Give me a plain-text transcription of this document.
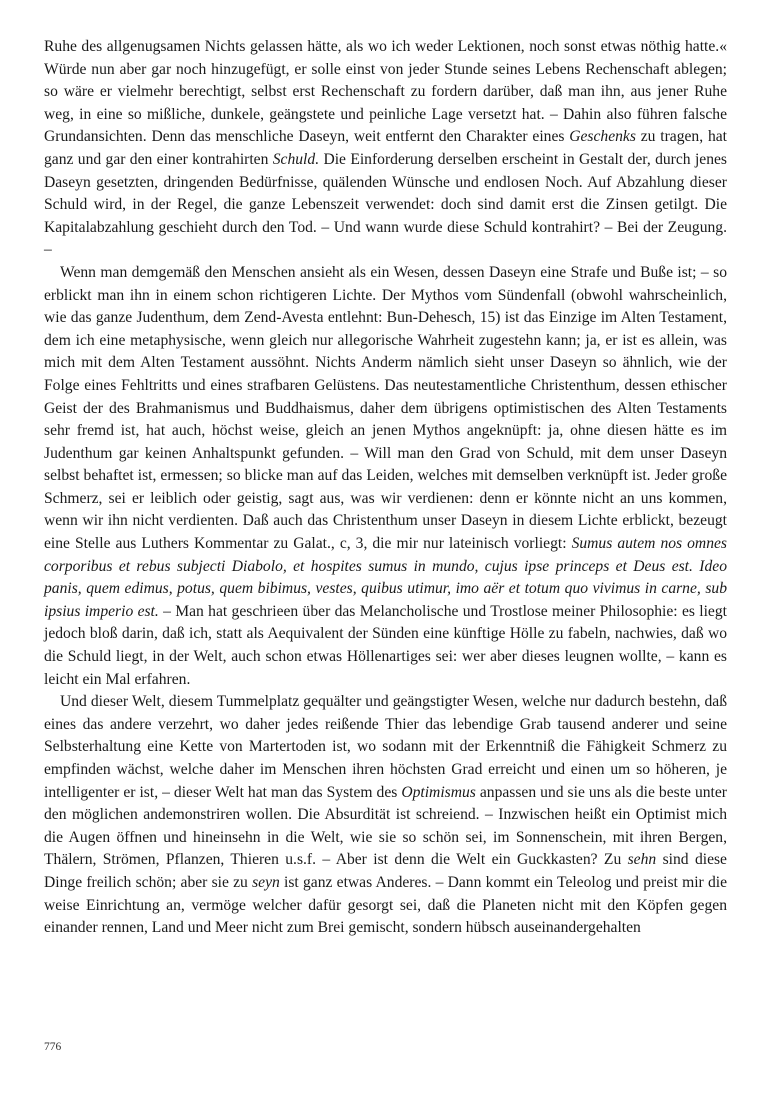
Ruhe des allgenugsamen Nichts gelassen hätte, als wo ich weder Lektionen, noch sonst etwas nöthig hatte.« Würde nun aber gar noch hinzugefügt, er solle einst von jeder Stunde seines Lebens Rechenschaft ablegen; so wäre er vielmehr berechtigt, selbst erst Rechenschaft zu fordern darüber, daß man ihn, aus jener Ruhe weg, in eine so mißliche, dunkele, geängstete und peinliche Lage versetzt hat. – Dahin also führen falsche Grundansichten. Denn das menschliche Daseyn, weit entfernt den Charakter eines Geschenks zu tragen, hat ganz und gar den einer kontrahirten Schuld. Die Einforderung derselben erscheint in Gestalt der, durch jenes Daseyn gesetzten, dringenden Bedürfnisse, quälenden Wünsche und endlosen Noch. Auf Abzahlung dieser Schuld wird, in der Regel, die ganze Lebenszeit verwendet: doch sind damit erst die Zinsen getilgt. Die Kapitalabzahlung geschieht durch den Tod. – Und wann wurde diese Schuld kontrahirt? – Bei der Zeugung. –

Wenn man demgemäß den Menschen ansieht als ein Wesen, dessen Daseyn eine Strafe und Buße ist; – so erblickt man ihn in einem schon richtigeren Lichte. Der Mythos vom Sündenfall (obwohl wahrscheinlich, wie das ganze Judenthum, dem Zend-Avesta entlehnt: Bun-Dehesch, 15) ist das Einzige im Alten Testament, dem ich eine metaphysische, wenn gleich nur allegorische Wahrheit zugestehn kann; ja, er ist es allein, was mich mit dem Alten Testament aussöhnt. Nichts Anderm nämlich sieht unser Daseyn so ähnlich, wie der Folge eines Fehltritts und eines strafbaren Gelüstens. Das neutestamentliche Christenthum, dessen ethischer Geist der des Brahmanismus und Buddhaismus, daher dem übrigens optimistischen des Alten Testaments sehr fremd ist, hat auch, höchst weise, gleich an jenen Mythos angeknüpft: ja, ohne diesen hätte es im Judenthum gar keinen Anhaltspunkt gefunden. – Will man den Grad von Schuld, mit dem unser Daseyn selbst behaftet ist, ermessen; so blicke man auf das Leiden, welches mit demselben verknüpft ist. Jeder große Schmerz, sei er leiblich oder geistig, sagt aus, was wir verdienen: denn er könnte nicht an uns kommen, wenn wir ihn nicht verdienten. Daß auch das Christenthum unser Daseyn in diesem Lichte erblickt, bezeugt eine Stelle aus Luthers Kommentar zu Galat., c, 3, die mir nur lateinisch vorliegt: Sumus autem nos omnes corporibus et rebus subjecti Diabolo, et hospites sumus in mundo, cujus ipse princeps et Deus est. Ideo panis, quem edimus, potus, quem bibimus, vestes, quibus utimur, imo aër et totum quo vivimus in carne, sub ipsius imperio est. – Man hat geschrieen über das Melancholische und Trostlose meiner Philosophie: es liegt jedoch bloß darin, daß ich, statt als Aequivalent der Sünden eine künftige Hölle zu fabeln, nachwies, daß wo die Schuld liegt, in der Welt, auch schon etwas Höllenartiges sei: wer aber dieses leugnen wollte, – kann es leicht ein Mal erfahren.

Und dieser Welt, diesem Tummelplatz gequälter und geängstigter Wesen, welche nur dadurch bestehn, daß eines das andere verzehrt, wo daher jedes reißende Thier das lebendige Grab tausend anderer und seine Selbsterhaltung eine Kette von Martertoden ist, wo sodann mit der Erkenntniß die Fähigkeit Schmerz zu empfinden wächst, welche daher im Menschen ihren höchsten Grad erreicht und einen um so höheren, je intelligenter er ist, – dieser Welt hat man das System des Optimismus anpassen und sie uns als die beste unter den möglichen andemonstriren wollen. Die Absurdität ist schreiend. – Inzwischen heißt ein Optimist mich die Augen öffnen und hineinsehn in die Welt, wie sie so schön sei, im Sonnenschein, mit ihren Bergen, Thälern, Strömen, Pflanzen, Thieren u.s.f. – Aber ist denn die Welt ein Guckkasten? Zu sehn sind diese Dinge freilich schön; aber sie zu seyn ist ganz etwas Anderes. – Dann kommt ein Teleolog und preist mir die weise Einrichtung an, vermöge welcher dafür gesorgt sei, daß die Planeten nicht mit den Köpfen gegen einander rennen, Land und Meer nicht zum Brei gemischt, sondern hübsch auseinandergehalten

776
